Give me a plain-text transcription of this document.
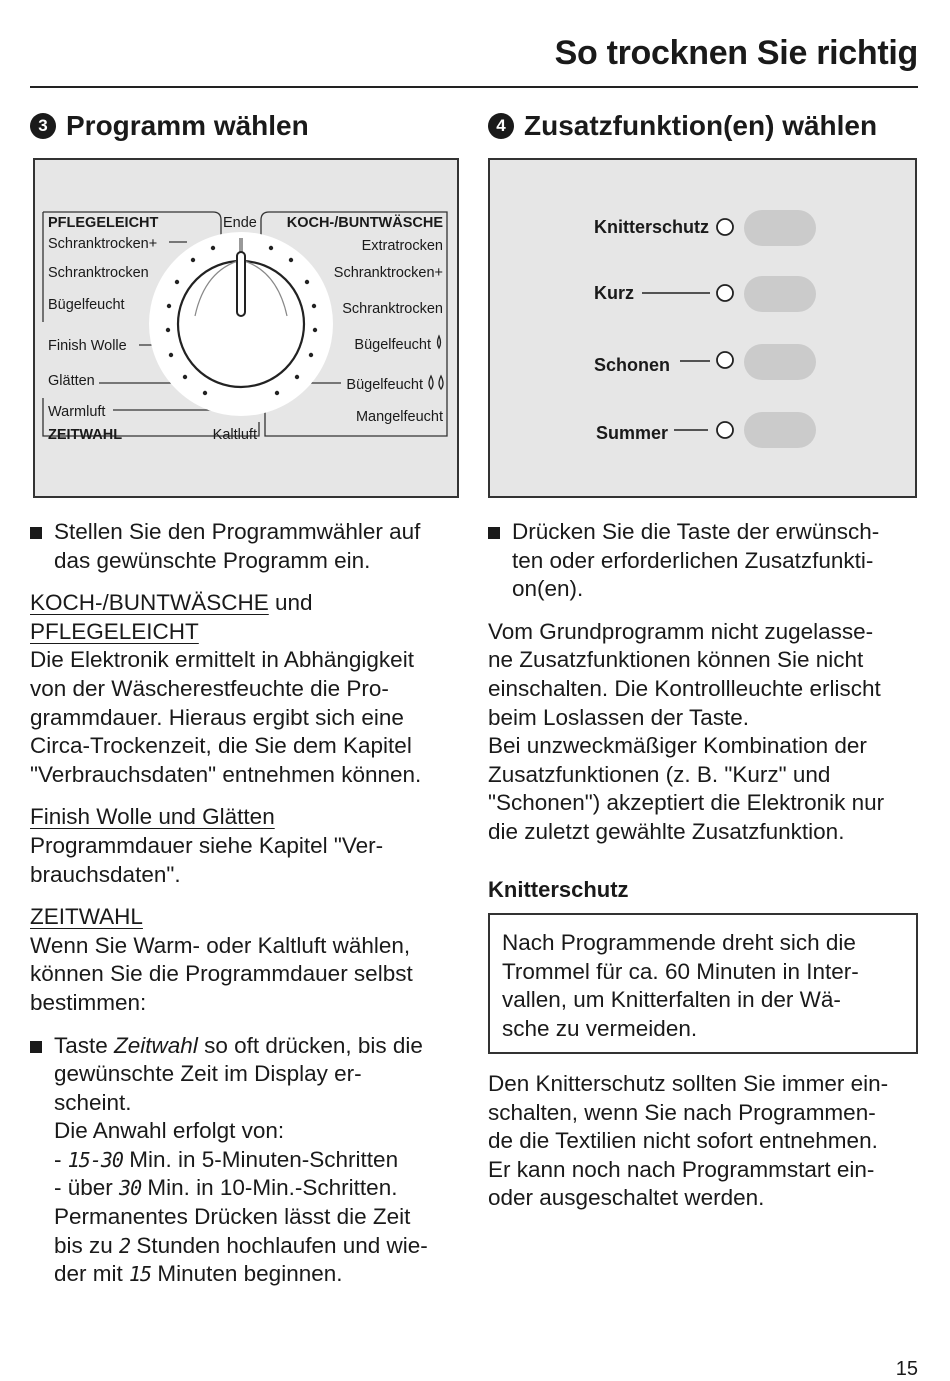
So trocknen Sie richtig
3 Programm wählen	4 Zusatzfunktion(en) wählen
PFLEGELEICHT	Ende KOCH-/BUNTWÄSCHE
Schranktrocken+
Schranktrocken
Bügelfeucht
Finish Wolle
Glätten
Warmluft
ZEITWAHL	Kaltluft
Extratrocken
Schranktrocken+
Schranktrocken
Bügelfeucht
Bügelfeucht
Mangelfeucht
Knitterschutz
Kurz
Schonen
Summer

Stellen Sie den Programmwähler auf
das gewünschte Programm ein.

KOCH-/BUNTWÄSCHE und
PFLEGELEICHT
Die Elektronik ermittelt in Abhängigkeit
von der Wäscherestfeuchte die Pro-
grammdauer. Hieraus ergibt sich eine
Circa-Trockenzeit, die Sie dem Kapitel
"Verbrauchsdaten" entnehmen können.

Finish Wolle und Glätten
Programmdauer siehe Kapitel "Ver-
brauchsdaten".

ZEITWAHL
Wenn Sie Warm- oder Kaltluft wählen,
können Sie die Programmdauer selbst
bestimmen:

Taste Zeitwahl so oft drücken, bis die
gewünschte Zeit im Display er-
scheint.
Die Anwahl erfolgt von:
- 15-30 Min. in 5-Minuten-Schritten
- über 30 Min. in 10-Min.-Schritten.
Permanentes Drücken lässt die Zeit
bis zu 2 Stunden hochlaufen und wie-
der mit 15 Minuten beginnen.

Drücken Sie die Taste der erwünsch-
ten oder erforderlichen Zusatzfunkti-
on(en).

Vom Grundprogramm nicht zugelasse-
ne Zusatzfunktionen können Sie nicht
einschalten. Die Kontrollleuchte erlischt
beim Loslassen der Taste.
Bei unzweckmäßiger Kombination der
Zusatzfunktionen (z. B. "Kurz" und
"Schonen") akzeptiert die Elektronik nur
die zuletzt gewählte Zusatzfunktion.

Knitterschutz
Nach Programmende dreht sich die
Trommel für ca. 60 Minuten in Inter-
vallen, um Knitterfalten in der Wä-
sche zu vermeiden.
Den Knitterschutz sollten Sie immer ein-
schalten, wenn Sie nach Programmen-
de die Textilien nicht sofort entnehmen.
Er kann noch nach Programmstart ein-
oder ausgeschaltet werden.
15
